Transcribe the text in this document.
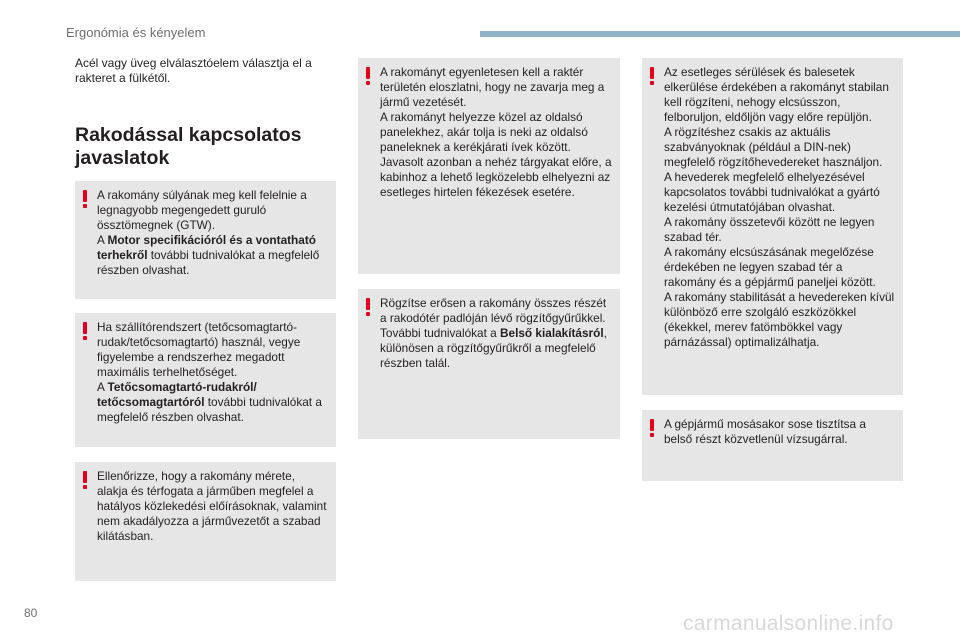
Ergonómia és kényelem
Acél vagy üveg elválasztóelem választja el a rakteret a fülkétől.
Rakodással kapcsolatos javaslatok
A rakomány súlyának meg kell felelnie a legnagyobb megengedett guruló össztömegnek (GTW).
A Motor specifikációról és a vontatható terhekről további tudnivalókat a megfelelő részben olvashat.
Ha szállítórendszert (tetőcsomagtartó-rudak/tetőcsomagtartó) használ, vegye figyelembe a rendszerhez megadott maximális terhelhetőséget.
A Tetőcsomagtartó-rudakról/ tetőcsomagtartóról további tudnivalókat a megfelelő részben olvashat.
Ellenőrizze, hogy a rakomány mérete, alakja és térfogata a járműben megfelel a hatályos közlekedési előírásoknak, valamint nem akadályozza a járművezetőt a szabad kilátásban.
A rakományt egyenletesen kell a raktér területén eloszlatni, hogy ne zavarja meg a jármű vezetését.
A rakományt helyezze közel az oldalsó panelekhez, akár tolja is neki az oldalsó paneleknek a kerékjárati ívek között.
Javasolt azonban a nehéz tárgyakat előre, a kabinhoz a lehető legközelebb elhelyezni az esetleges hirtelen fékezések esetére.
Rögzítse erősen a rakomány összes részét a rakodótér padlóján lévő rögzítőgyűrűkkel.
További tudnivalókat a Belső kialakításról, különösen a rögzítőgyűrűkről a megfelelő részben talál.
Az esetleges sérülések és balesetek elkerülése érdekében a rakományt stabilan kell rögzíteni, nehogy elcsússzon, felboruljon, eldőljön vagy előre repüljön.
A rögzítéshez csakis az aktuális szabványoknak (például a DIN-nek) megfelelő rögzítőhevedereket használjon.
A hevederek megfelelő elhelyezésével kapcsolatos további tudnivalókat a gyártó kezelési útmutatójában olvashat.
A rakomány összetevői között ne legyen szabad tér.
A rakomány elcsúszásának megelőzése érdekében ne legyen szabad tér a rakomány és a gépjármű paneljei között.
A rakomány stabilitását a hevedereken kívül különböző erre szolgáló eszközökkel (ékekkel, merev fatömbökkel vagy párnázással) optimalizálhatja.
A gépjármű mosásakor sose tisztítsa a belső részt közvetlenül vízsugárral.
80	carmanualsonline.info
